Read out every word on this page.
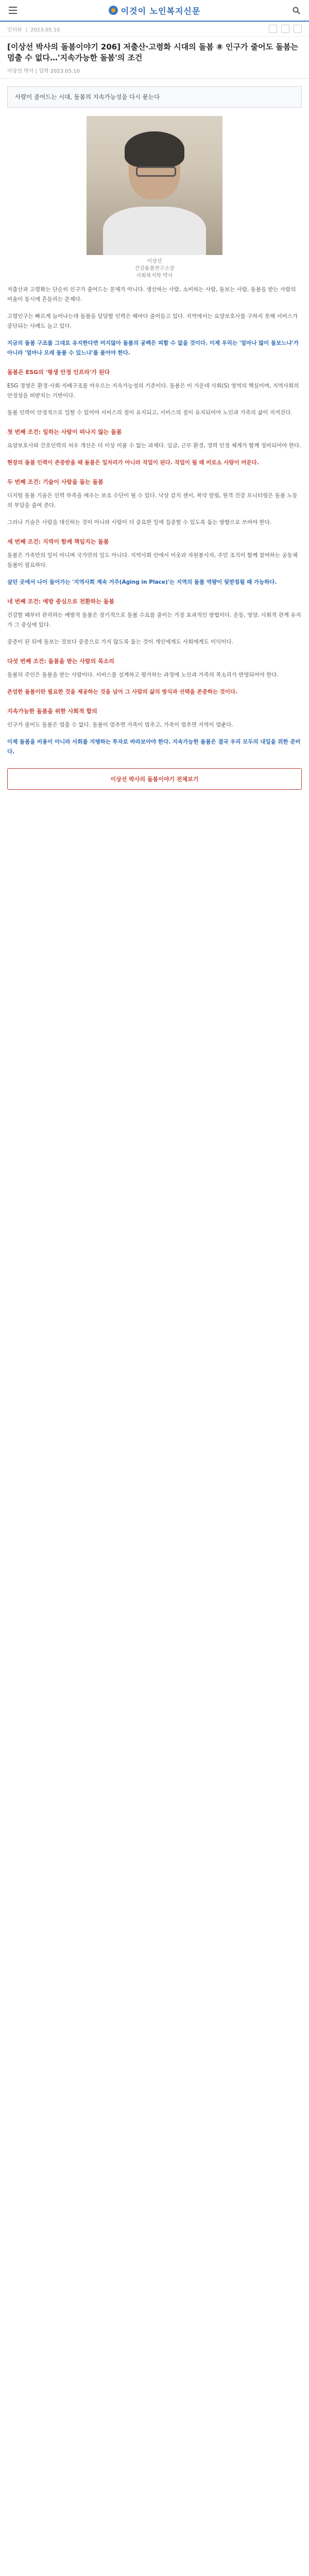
이것이 노인복지신문
인터뷰  |  2023.05.10
[이상선 박사의 돌봄이야기 206] 저출산·고령화 시대의 돌봄 ⑧ 인구가 줄어도 돌봄는 멈출 수 없다…'지속가능한 돌봄'의 조건
이상선 박사 | 입력 2023.05.10
사람이 줄어드는 시대, 돌봄의 지속가능성을 다시 묻는다
이상선
건강돌봄연구소장
사회복지학 박사

저출산과 고령화는 단순히 인구가 줄어드는 문제가 아니다. 생산하는 사람, 소비하는 사람, 돌보는 사람, 돌봄을 받는 사람의 비율이 동시에 흔들리는 문제다.

고령인구는 빠르게 늘어나는데 돌봄을 담당할 인력은 해마다 줄어들고 있다. 지역에서는 요양보호사를 구하지 못해 서비스가 중단되는 사례도 늘고 있다.

지금의 돌봄 구조를 그대로 유지한다면 머지않아 돌봄의 공백은 피할 수 없을 것이다. 이제 우리는 '얼마나 많이 돌보느냐'가 아니라 '얼마나 오래 돌볼 수 있느냐'를 물어야 한다.

돌봄은 ESG의 '평생 안정 인프라'가 된다

ESG 경영은 환경·사회·지배구조를 아우르는 지속가능성의 기준이다. 돌봄은 이 가운데 사회(S) 영역의 핵심이며, 지역사회의 안정성을 떠받치는 기반이다.

돌봄 인력이 안정적으로 일할 수 있어야 서비스의 질이 유지되고, 서비스의 질이 유지되어야 노인과 가족의 삶이 지켜진다.

첫 번째 조건: 일하는 사람이 떠나지 않는 돌봄

요양보호사와 간호인력의 처우 개선은 더 이상 미룰 수 없는 과제다. 임금, 근무 환경, 경력 인정 체계가 함께 정비되어야 한다.

현장의 돌봄 인력이 존중받을 때 돌봄은 일자리가 아니라 직업이 된다. 직업이 될 때 비로소 사람이 머문다.

두 번째 조건: 기술이 사람을 돕는 돌봄

디지털 돌봄 기술은 인력 부족을 메우는 보조 수단이 될 수 있다. 낙상 감지 센서, 복약 알림, 원격 건강 모니터링은 돌봄 노동의 부담을 줄여 준다.

그러나 기술은 사람을 대신하는 것이 아니라 사람이 더 중요한 일에 집중할 수 있도록 돕는 방향으로 쓰여야 한다.

세 번째 조건: 지역이 함께 책임지는 돌봄

돌봄은 가족만의 일이 아니며 국가만의 일도 아니다. 지역사회 안에서 이웃과 자원봉사자, 주민 조직이 함께 참여하는 공동체 돌봄이 필요하다.

살던 곳에서 나이 들어가는 '지역사회 계속 거주(Aging in Place)'는 지역의 돌봄 역량이 뒷받침될 때 가능하다.

네 번째 조건: 예방 중심으로 전환하는 돌봄

건강할 때부터 관리하는 예방적 돌봄은 장기적으로 돌봄 수요를 줄이는 가장 효과적인 방법이다. 운동, 영양, 사회적 관계 유지가 그 중심에 있다.

중증이 된 뒤에 돌보는 것보다 중증으로 가지 않도록 돕는 것이 개인에게도 사회에게도 이익이다.

다섯 번째 조건: 돌봄을 받는 사람의 목소리

돌봄의 주인은 돌봄을 받는 사람이다. 서비스를 설계하고 평가하는 과정에 노인과 가족의 목소리가 반영되어야 한다.

존엄한 돌봄이란 필요한 것을 제공하는 것을 넘어 그 사람의 삶의 방식과 선택을 존중하는 것이다.

지속가능한 돌봄을 위한 사회적 합의

인구가 줄어도 돌봄은 멈출 수 없다. 돌봄이 멈추면 가족이 멈추고, 가족이 멈추면 지역이 멈춘다.

이제 돌봄을 비용이 아니라 사회를 지탱하는 투자로 바라보아야 한다. 지속가능한 돌봄은 결국 우리 모두의 내일을 위한 준비다.

이상선 박사의 돌봄이야기 전체보기
